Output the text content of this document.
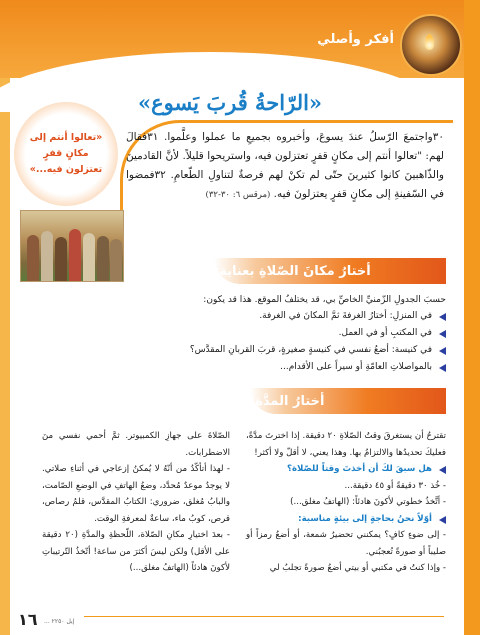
أفكر وأصلي
«الرّاحةُ قُربَ يَسوع»
«تعالوا أنتم إلى مكانٍ قفرٍ تعتزلون فيه...»
٣٠واجتمعَ الرّسلُ عندَ يسوعَ، وأخبروه بجميعِ ما عملوا وعلَّموا. ٣١فقالَ لهم: "تعالوا أنتم إلى مكانٍ قفرٍ تعتزلون فيه، واستريحوا قليلاً. لأنَّ القادمينَ والذّاهبينَ كانوا كثيرينَ حتّى لم تكنْ لهم فرصةٌ لتناولِ الطّعامِ. ٣٢فمضوا في السّفينةِ إلى مكانٍ قفرٍ يعتزلونَ فيه. (مرقس ٦: ٣٠-٣٢)
أختارُ مكانَ الصّلاةِ بعناية:
حسبَ الجدولِ الزّمنيِّ الخاصِّ بي، قد يختلفُ الموقع. هذا قد يكون:
في المنزلِ: أختارُ الغرفةَ ثمَّ المكانَ في الغرفة.
في المكتبِ أو في العمل.
في كنيسة: أضعُ نفسي في كنيسةٍ صغيرةٍ، قربَ القربانِ المقدَّس؟
بالمواصلاتِ العامّةِ أو سيراً على الأقدام...
أختارُ المدَّة:

تقترحُ أن يستغرقَ وقتُ الصّلاةِ ٢٠ دقيقة. إذا اخترتَ مدَّةً، فعليكَ تحديدُها والالتزامُ بها. وهذا يعني، لا أقلّ ولا أكثر!

هل سبقَ لكَ أن أخذتَ وقتاً للصّلاة؟

- خُذ ٣٠ دقيقةً أو ٤٥ دقيقة...

- أتَّخذُ خطوتي لأكونَ هادئاً: (الهاتفُ مغلق...)

أوّلاً نحنُ بحاجةٍ إلى بيئةٍ مناسبة:

- إلى ضوءٍ كافٍ؟ يمكنني تحضيرُ شمعة، أو أضعُ رمزاً أو صليباً أو صورةً تُعجبُني.

- وإذا كنتُ في مكتبي أو بيتي أضعُ صورةً تجلبُ لي

الصّلاةَ على جهازِ الكمبيوتر. ثمَّ أحمي نفسي منَ الاضطرابات.

- لهذا أتأكّدُ من أنّهُ لا يُمكنُ إزعاجي في أثناءِ صلاتي. لا يوجدُ موعدٌ مُحدَّد، وضعُ الهاتفِ في الوضعِ الصّامت، والبابُ مُغلق، ضروري: الكتابُ المقدَّس، قلمُ رصاص، قرص، كوبُ ماء، ساعةٌ لمعرفةِ الوقت.

- بعدَ اختيارِ مكانِ الصّلاة، اللّحظةِ والمدَّةِ (٢٠ دقيقة على الأقل) ولكن ليسَ أكثرَ من ساعة! أتّخذُ التّرتيباتِ لأكونَ هادئاً (الهاتفُ مغلق...)

١٦ إيل ٢٢٥٠ ...
